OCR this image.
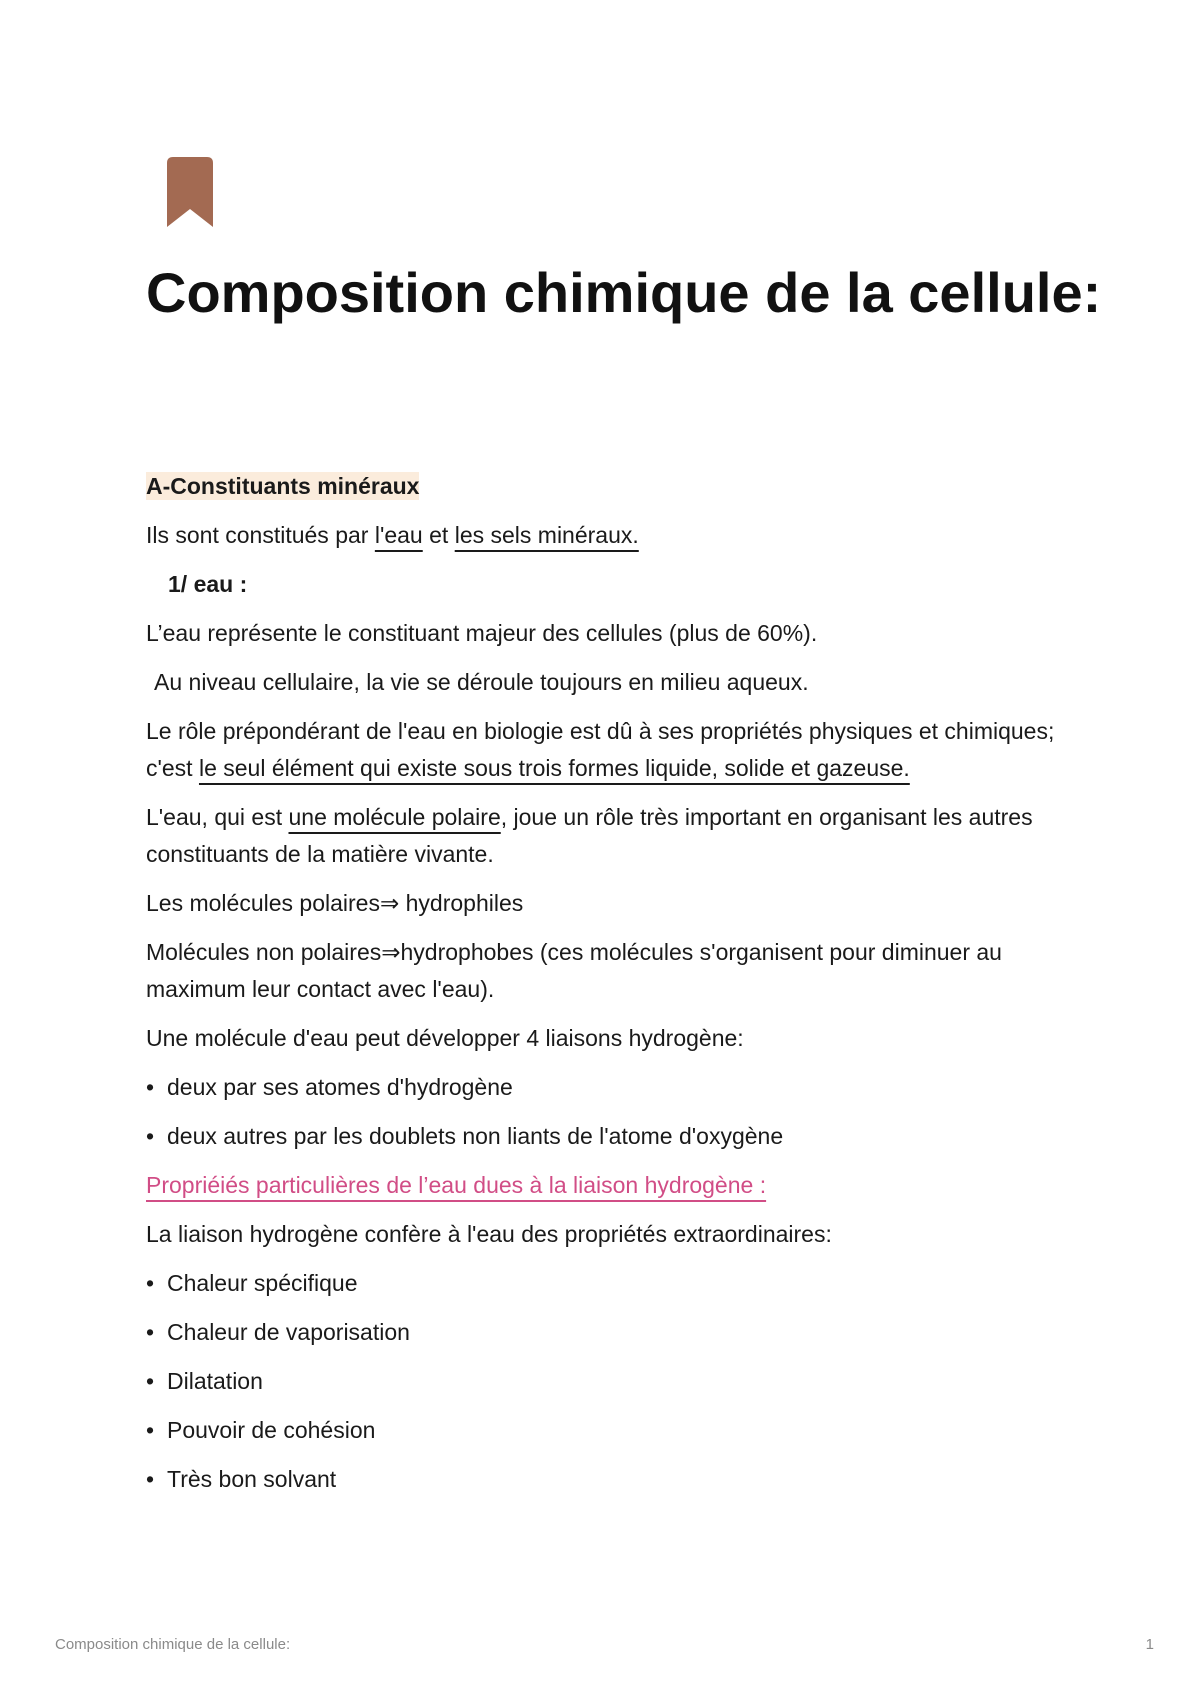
Composition chimique de la cellule:

A-Constituants minéraux

Ils sont constitués par l'eau et les sels minéraux.

1/ eau :

L’eau représente le constituant majeur des cellules (plus de 60%).

Au niveau cellulaire, la vie se déroule toujours en milieu aqueux.

Le rôle prépondérant de l'eau en biologie est dû à ses propriétés physiques et chimiques; c'est le seul élément qui existe sous trois formes liquide, solide et gazeuse.

L'eau, qui est une molécule polaire, joue un rôle très important en organisant les autres constituants de la matière vivante.

Les molécules polaires⇒ hydrophiles

Molécules non polaires⇒hydrophobes (ces molécules s'organisent pour diminuer au maximum leur contact avec l'eau).

Une molécule d'eau peut développer 4 liaisons hydrogène:

• deux par ses atomes d'hydrogène

• deux autres par les doublets non liants de l'atome d'oxygène

Propriéiés particulières de l’eau dues à la liaison hydrogène :

La liaison hydrogène confère à l'eau des propriétés extraordinaires:

• Chaleur spécifique

• Chaleur de vaporisation

• Dilatation

• Pouvoir de cohésion

• Très bon solvant

Composition chimique de la cellule:	1
